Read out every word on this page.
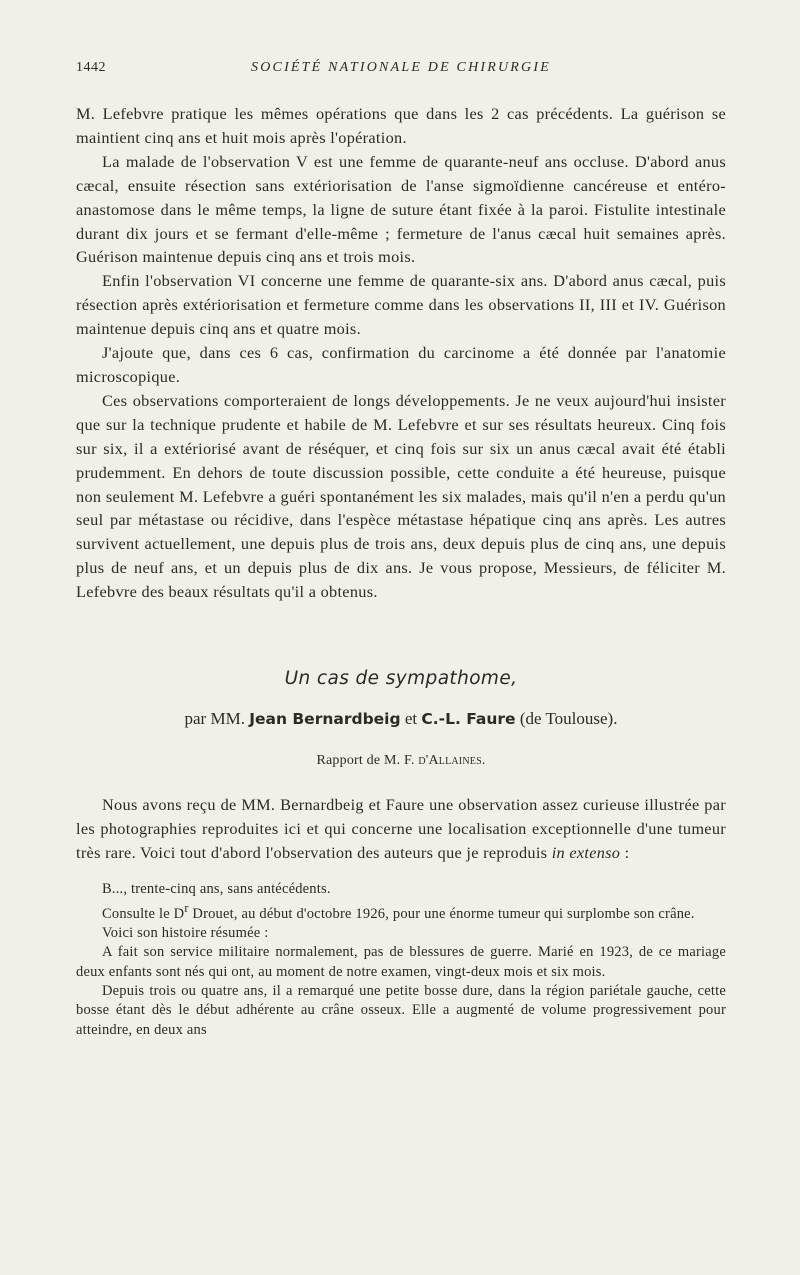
1442	SOCIÉTÉ NATIONALE DE CHIRURGIE

M. Lefebvre pratique les mêmes opérations que dans les 2 cas précédents. La guérison se maintient cinq ans et huit mois après l'opération.

La malade de l'observation V est une femme de quarante-neuf ans occluse. D'abord anus cæcal, ensuite résection sans extériorisation de l'anse sigmoïdienne cancéreuse et entéro-anastomose dans le même temps, la ligne de suture étant fixée à la paroi. Fistulite intestinale durant dix jours et se fermant d'elle-même ; fermeture de l'anus cæcal huit semaines après. Guérison maintenue depuis cinq ans et trois mois.

Enfin l'observation VI concerne une femme de quarante-six ans. D'abord anus cæcal, puis résection après extériorisation et fermeture comme dans les observations II, III et IV. Guérison maintenue depuis cinq ans et quatre mois.

J'ajoute que, dans ces 6 cas, confirmation du carcinome a été donnée par l'anatomie microscopique.

Ces observations comporteraient de longs développements. Je ne veux aujourd'hui insister que sur la technique prudente et habile de M. Lefebvre et sur ses résultats heureux. Cinq fois sur six, il a extériorisé avant de réséquer, et cinq fois sur six un anus cæcal avait été établi prudemment. En dehors de toute discussion possible, cette conduite a été heureuse, puisque non seulement M. Lefebvre a guéri spontanément les six malades, mais qu'il n'en a perdu qu'un seul par métastase ou récidive, dans l'espèce métastase hépatique cinq ans après. Les autres survivent actuellement, une depuis plus de trois ans, deux depuis plus de cinq ans, une depuis plus de neuf ans, et un depuis plus de dix ans. Je vous propose, Messieurs, de féliciter M. Lefebvre des beaux résultats qu'il a obtenus.

Un cas de sympathome,
par MM. Jean Bernardbeig et C.-L. Faure (de Toulouse).
Rapport de M. F. d'Allaines.

Nous avons reçu de MM. Bernardbeig et Faure une observation assez curieuse illustrée par les photographies reproduites ici et qui concerne une localisation exceptionnelle d'une tumeur très rare. Voici tout d'abord l'observation des auteurs que je reproduis in extenso :

B..., trente-cinq ans, sans antécédents.

Consulte le $D^r$ Drouet, au début d'octobre 1926, pour une énorme tumeur qui surplombe son crâne.

Voici son histoire résumée :

A fait son service militaire normalement, pas de blessures de guerre. Marié en 1923, de ce mariage deux enfants sont nés qui ont, au moment de notre examen, vingt-deux mois et six mois.

Depuis trois ou quatre ans, il a remarqué une petite bosse dure, dans la région pariétale gauche, cette bosse étant dès le début adhérente au crâne osseux. Elle a augmenté de volume progressivement pour atteindre, en deux ans
